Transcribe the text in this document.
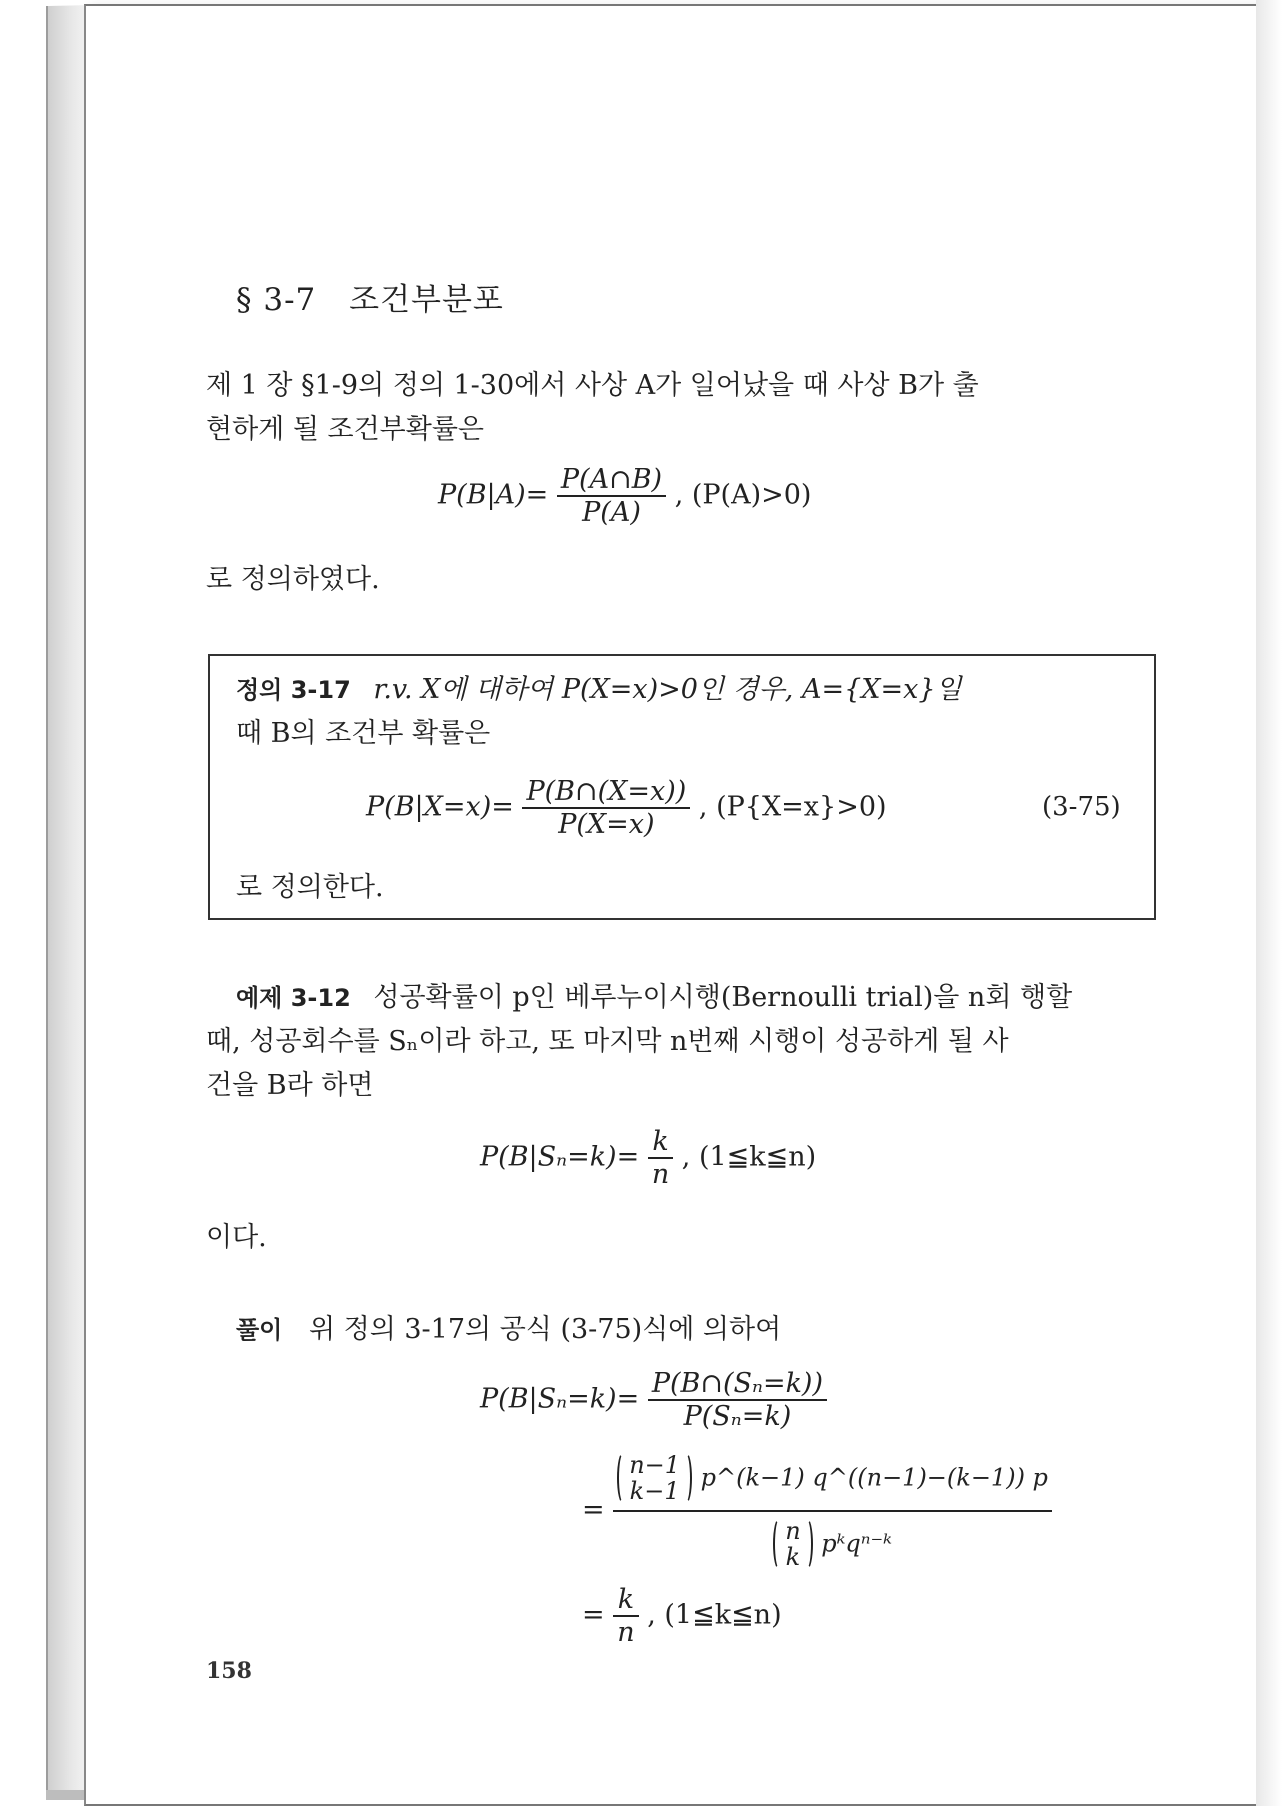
§ 3-7 조건부분포
제 1 장 §1-9의 정의 1-30에서 사상 A가 일어났을 때 사상 B가 출
현하게 될 조건부확률은
$P(B|A)= \frac{P(A\cap B)}{P(A)}$ , (P(A)>0)
로 정의하였다.
정의 3-17 r.v. X에 대하여 P(X=x)>0인 경우, A={X=x}일
때 B의 조건부 확률은
$P(B|X=x)= \frac{P(B\cap(X=x))}{P(X=x)}$ , (P{X=x}>0)	(3-75)
로 정의한다.
예제 3-12 성공확률이 p인 베루누이시행(Bernoulli trial)을 n회 행할
때, 성공회수를 Sₙ이라 하고, 또 마지막 n번째 시행이 성공하게 될 사
건을 B라 하면
$P(B|S_n=k)= \frac{k}{n}$ , (1≦k≦n)
이다.
풀이 위 정의 3-17의 공식 (3-75)식에 의하여
$P(B|S_n=k)= \frac{\text{P(B∩(Sₙ=k))}}{\text{P(Sₙ=k)}}$
= n−1
k−1 p^(k−1) q^((n−1)−(k−1)) p
n
k pᵏqⁿ⁻ᵏ
= $\frac{k}{n}$ , (1≦k≦n)
158
